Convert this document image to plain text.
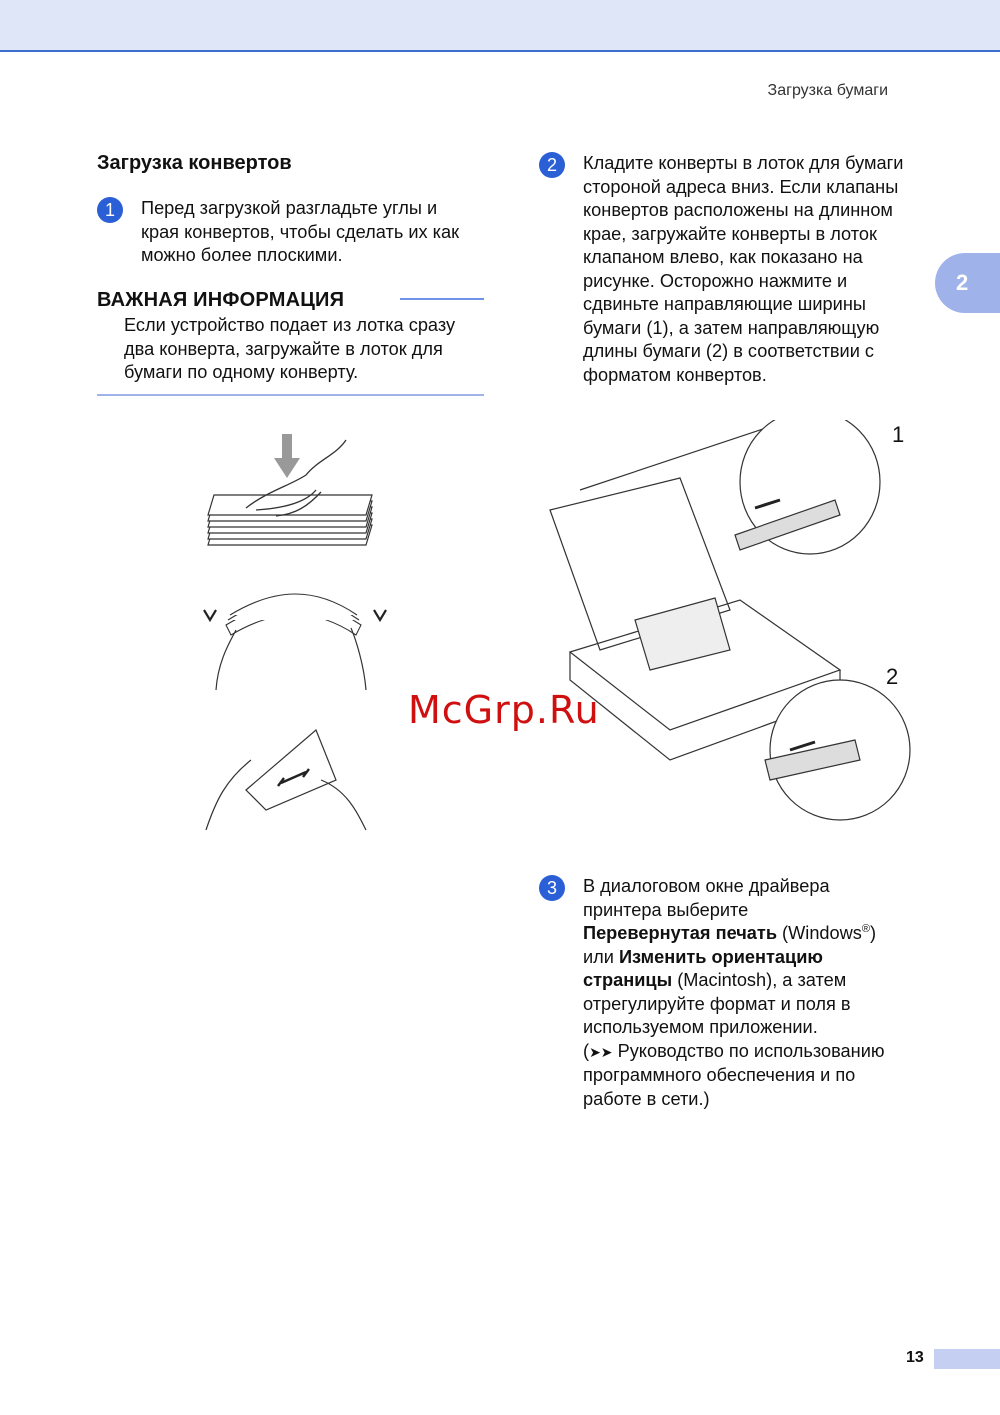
Загрузка бумаги
2
Загрузка конвертов
1	Перед загрузкой разгладьте углы и
края конвертов, чтобы сделать их как
можно более плоскими.
ВАЖНАЯ ИНФОРМАЦИЯ
Если устройство подает из лотка сразу
два конверта, загружайте в лоток для
бумаги по одному конверту.
2	Кладите конверты в лоток для бумаги
стороной адреса вниз. Если клапаны
конвертов расположены на длинном
крае, загружайте конверты в лоток
клапаном влево, как показано на
рисунке. Осторожно нажмите и
сдвиньте направляющие ширины
бумаги (1), а затем направляющую
длины бумаги (2) в соответствии с
форматом конвертов.
1
2
McGrp.Ru
3	В диалоговом окне драйвера
принтера выберите
Перевернутая печать (Windows®)
или Изменить ориентацию
страницы (Macintosh), а затем
отрегулируйте формат и поля в
используемом приложении.
(➤➤ Руководство по использованию
программного обеспечения и по
работе в сети.)
13
